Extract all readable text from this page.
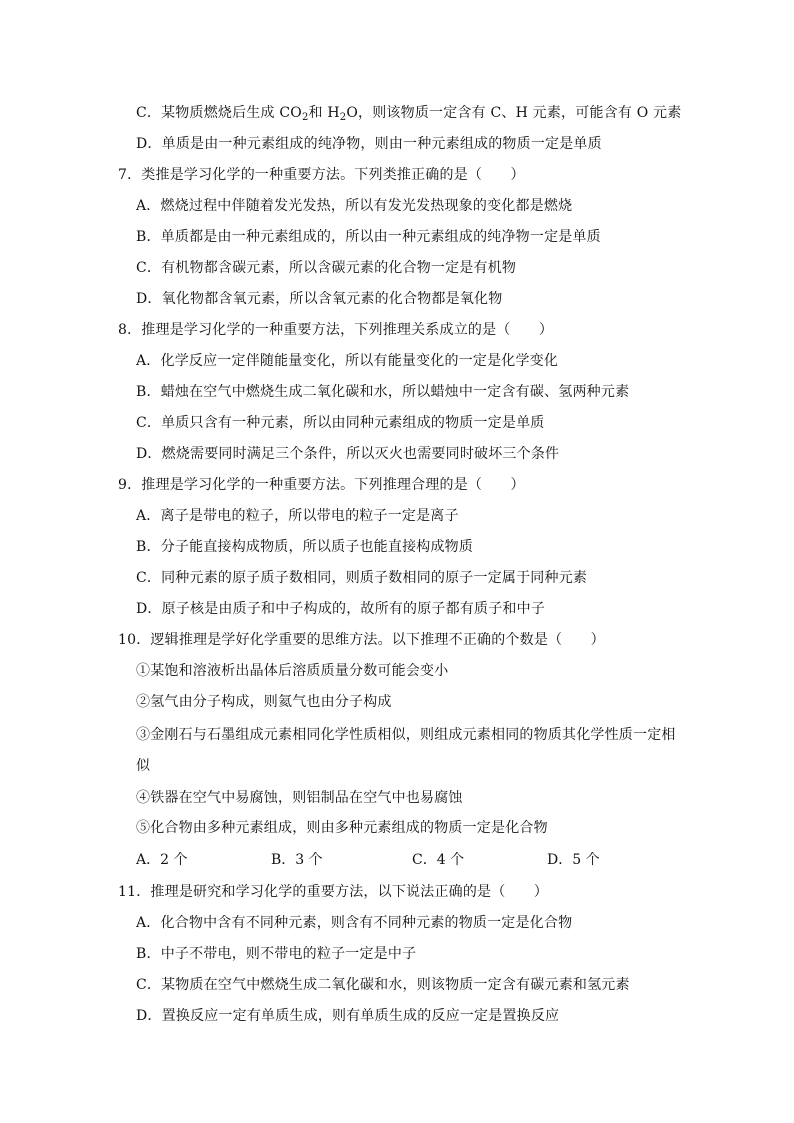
C．某物质燃烧后生成 $CO_2$和 $H_2O$，则该物质一定含有 C、H 元素，可能含有 O 元素
D．单质是由一种元素组成的纯净物，则由一种元素组成的物质一定是单质
7．类推是学习化学的一种重要方法。下列类推正确的是（　　）
A．燃烧过程中伴随着发光发热，所以有发光发热现象的变化都是燃烧
B．单质都是由一种元素组成的，所以由一种元素组成的纯净物一定是单质
C．有机物都含碳元素，所以含碳元素的化合物一定是有机物
D．氧化物都含氧元素，所以含氧元素的化合物都是氧化物
8．推理是学习化学的一种重要方法，下列推理关系成立的是（　　）
A．化学反应一定伴随能量变化，所以有能量变化的一定是化学变化
B．蜡烛在空气中燃烧生成二氧化碳和水，所以蜡烛中一定含有碳、氢两种元素
C．单质只含有一种元素，所以由同种元素组成的物质一定是单质
D．燃烧需要同时满足三个条件，所以灭火也需要同时破坏三个条件
9．推理是学习化学的一种重要方法。下列推理合理的是（　　）
A．离子是带电的粒子，所以带电的粒子一定是离子
B．分子能直接构成物质，所以质子也能直接构成物质
C．同种元素的原子质子数相同，则质子数相同的原子一定属于同种元素
D．原子核是由质子和中子构成的，故所有的原子都有质子和中子
10．逻辑推理是学好化学重要的思维方法。以下推理不正确的个数是（　　）
①某饱和溶液析出晶体后溶质质量分数可能会变小
②氢气由分子构成，则氦气也由分子构成
③金刚石与石墨组成元素相同化学性质相似，则组成元素相同的物质其化学性质一定相
似
④铁器在空气中易腐蚀，则铝制品在空气中也易腐蚀
⑤化合物由多种元素组成，则由多种元素组成的物质一定是化合物
A．2 个	B．3 个	C．4 个	D．5 个
11．推理是研究和学习化学的重要方法，以下说法正确的是（　　）
A．化合物中含有不同种元素，则含有不同种元素的物质一定是化合物
B．中子不带电，则不带电的粒子一定是中子
C．某物质在空气中燃烧生成二氧化碳和水，则该物质一定含有碳元素和氢元素
D．置换反应一定有单质生成，则有单质生成的反应一定是置换反应
